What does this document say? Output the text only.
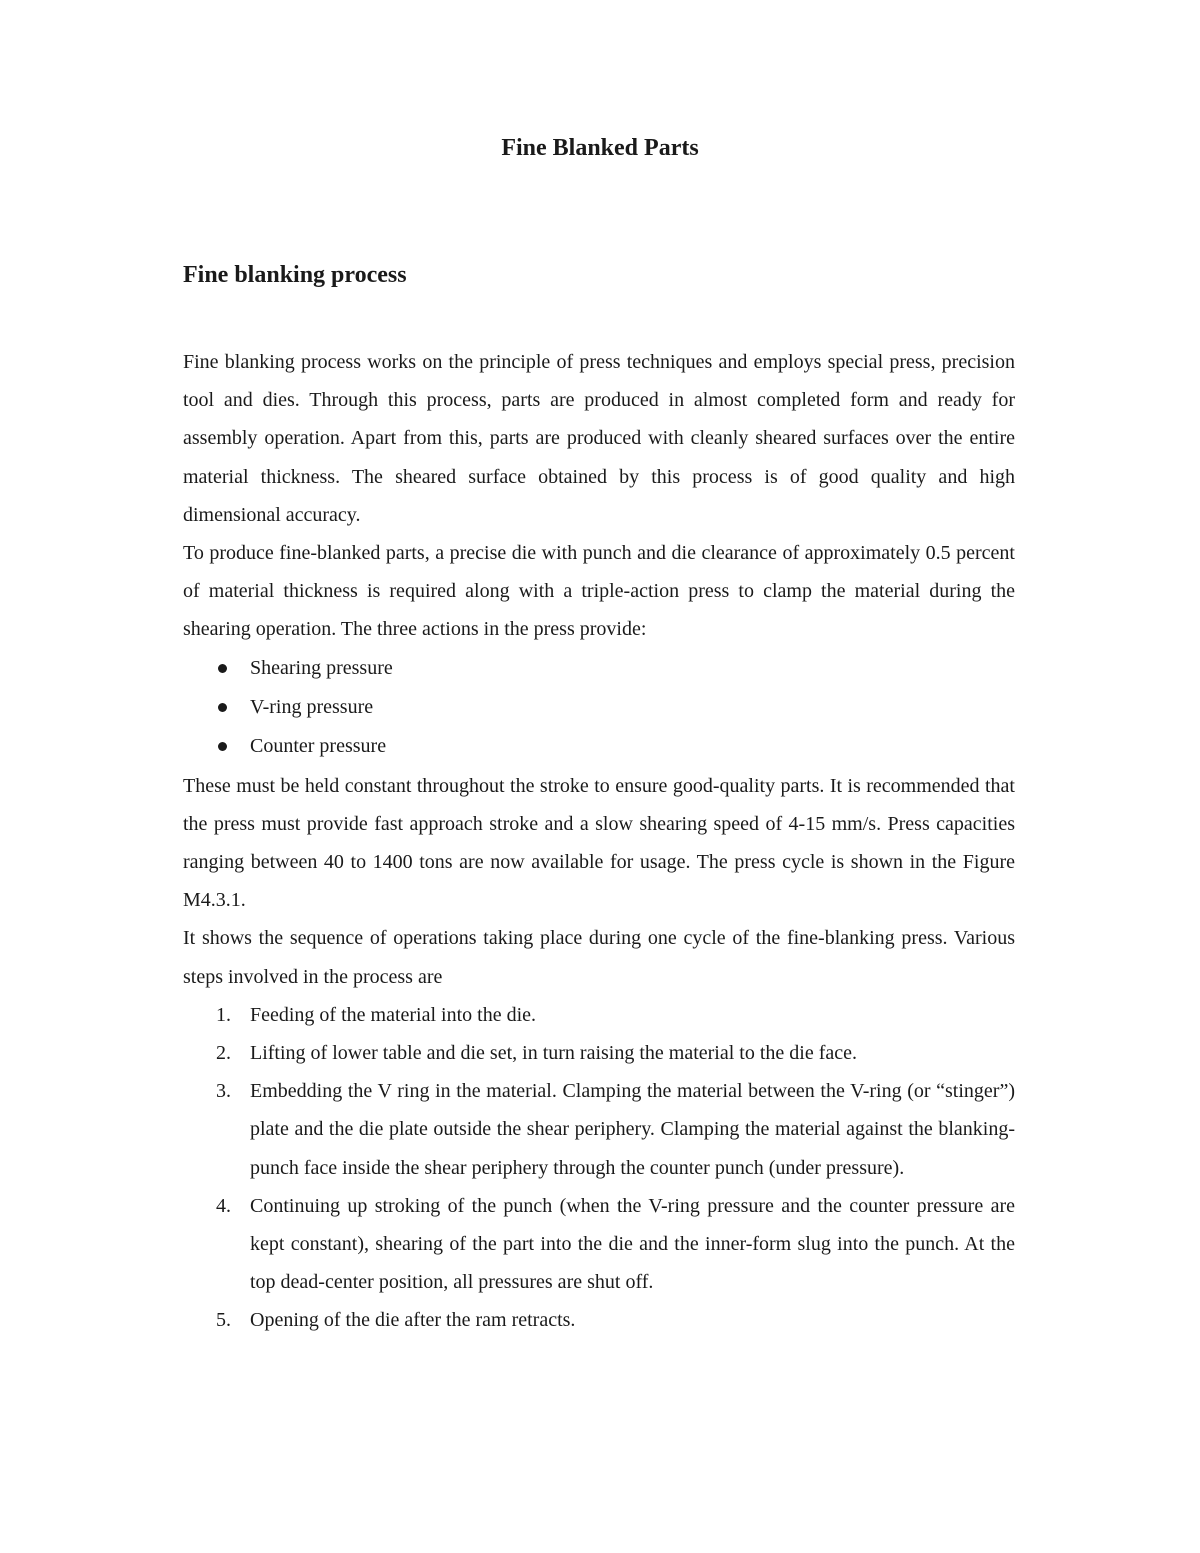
Fine Blanked Parts
Fine blanking process

Fine blanking process works on the principle of press techniques and employs special press, precision tool and dies. Through this process, parts are produced in almost completed form and ready for assembly operation. Apart from this, parts are produced with cleanly sheared surfaces over the entire material thickness. The sheared surface obtained by this process is of good quality and high dimensional accuracy.

To produce fine-blanked parts, a precise die with punch and die clearance of approximately 0.5 percent of material thickness is required along with a triple-action press to clamp the material during the shearing operation. The three actions in the press provide:

Shearing pressure
V-ring pressure
Counter pressure

These must be held constant throughout the stroke to ensure good-quality parts. It is recommended that the press must provide fast approach stroke and a slow shearing speed of 4-15 mm/s. Press capacities ranging between 40 to 1400 tons are now available for usage. The press cycle is shown in the Figure M4.3.1.

It shows the sequence of operations taking place during one cycle of the fine-blanking press. Various steps involved in the process are

1. Feeding of the material into the die.
2. Lifting of lower table and die set, in turn raising the material to the die face.
3. Embedding the V ring in the material. Clamping the material between the V-ring (or “stinger”) plate and the die plate outside the shear periphery. Clamping the material against the blanking-punch face inside the shear periphery through the counter punch (under pressure).
4. Continuing up stroking of the punch (when the V-ring pressure and the counter pressure are kept constant), shearing of the part into the die and the inner-form slug into the punch. At the top dead-center position, all pressures are shut off.
5. Opening of the die after the ram retracts.
